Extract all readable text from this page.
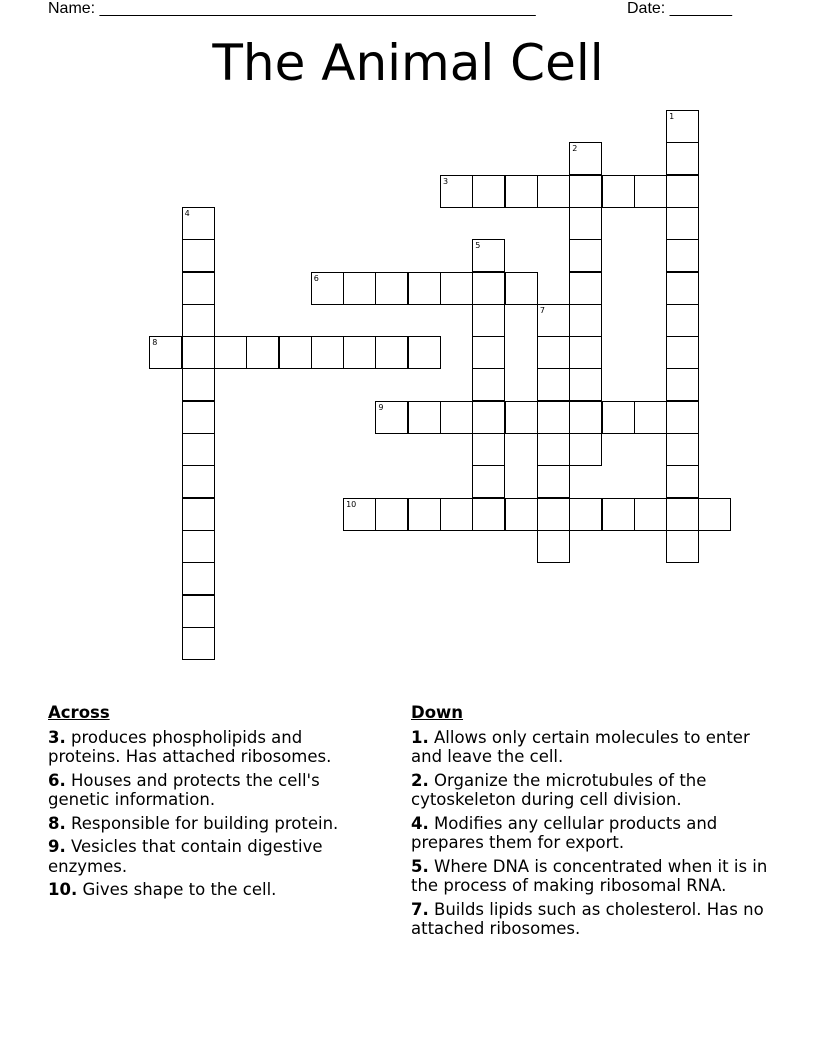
Name: _________________________________________________	Date: _______
The Animal Cell
1
2
3
4
5
6
7
8
9
10
Across
3. produces phospholipids and proteins. Has attached ribosomes.
6. Houses and protects the cell's genetic information.
8. Responsible for building protein.
9. Vesicles that contain digestive enzymes.
10. Gives shape to the cell.
Down
1. Allows only certain molecules to enter and leave the cell.
2. Organize the microtubules of the cytoskeleton during cell division.
4. Modifies any cellular products and prepares them for export.
5. Where DNA is concentrated when it is in the process of making ribosomal RNA.
7. Builds lipids such as cholesterol. Has no attached ribosomes.
